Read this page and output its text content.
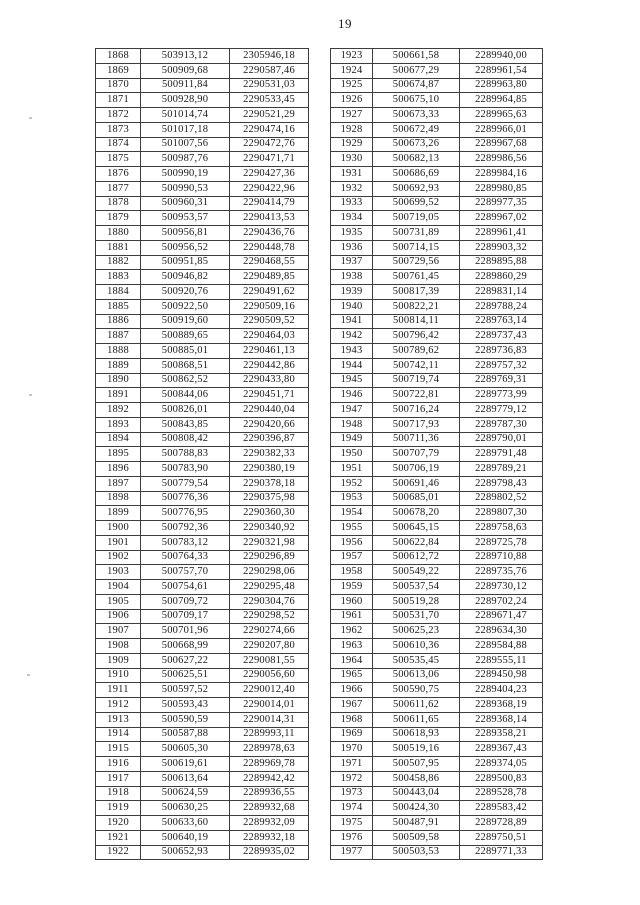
19
1868	503913,12	2305946,18
1869	500909,68	2290587,46
1870	500911,84	2290531,03
1871	500928,90	2290533,45
1872	501014,74	2290521,29
1873	501017,18	2290474,16
1874	501007,56	2290472,76
1875	500987,76	2290471,71
1876	500990,19	2290427,36
1877	500990,53	2290422,96
1878	500960,31	2290414,79
1879	500953,57	2290413,53
1880	500956,81	2290436,76
1881	500956,52	2290448,78
1882	500951,85	2290468,55
1883	500946,82	2290489,85
1884	500920,76	2290491,62
1885	500922,50	2290509,16
1886	500919,60	2290509,52
1887	500889,65	2290464,03
1888	500885,01	2290461,13
1889	500868,51	2290442,86
1890	500862,52	2290433,80
1891	500844,06	2290451,71
1892	500826,01	2290440,04
1893	500843,85	2290420,66
1894	500808,42	2290396,87
1895	500788,83	2290382,33
1896	500783,90	2290380,19
1897	500779,54	2290378,18
1898	500776,36	2290375,98
1899	500776,95	2290360,30
1900	500792,36	2290340,92
1901	500783,12	2290321,98
1902	500764,33	2290296,89
1903	500757,70	2290298,06
1904	500754,61	2290295,48
1905	500709,72	2290304,76
1906	500709,17	2290298,52
1907	500701,96	2290274,66
1908	500668,99	2290207,80
1909	500627,22	2290081,55
1910	500625,51	2290056,60
1911	500597,52	2290012,40
1912	500593,43	2290014,01
1913	500590,59	2290014,31
1914	500587,88	2289993,11
1915	500605,30	2289978,63
1916	500619,61	2289969,78
1917	500613,64	2289942,42
1918	500624,59	2289936,55
1919	500630,25	2289932,68
1920	500633,60	2289932,09
1921	500640,19	2289932,18
1922	500652,93	2289935,02
1923	500661,58	2289940,00
1924	500677,29	2289961,54
1925	500674,87	2289963,80
1926	500675,10	2289964,85
1927	500673,33	2289965,63
1928	500672,49	2289966,01
1929	500673,26	2289967,68
1930	500682,13	2289986,56
1931	500686,69	2289984,16
1932	500692,93	2289980,85
1933	500699,52	2289977,35
1934	500719,05	2289967,02
1935	500731,89	2289961,41
1936	500714,15	2289903,32
1937	500729,56	2289895,88
1938	500761,45	2289860,29
1939	500817,39	2289831,14
1940	500822,21	2289788,24
1941	500814,11	2289763,14
1942	500796,42	2289737,43
1943	500789,62	2289736,83
1944	500742,11	2289757,32
1945	500719,74	2289769,31
1946	500722,81	2289773,99
1947	500716,24	2289779,12
1948	500717,93	2289787,30
1949	500711,36	2289790,01
1950	500707,79	2289791,48
1951	500706,19	2289789,21
1952	500691,46	2289798,43
1953	500685,01	2289802,52
1954	500678,20	2289807,30
1955	500645,15	2289758,63
1956	500622,84	2289725,78
1957	500612,72	2289710,88
1958	500549,22	2289735,76
1959	500537,54	2289730,12
1960	500519,28	2289702,24
1961	500531,70	2289671,47
1962	500625,23	2289634,30
1963	500610,36	2289584,88
1964	500535,45	2289555,11
1965	500613,06	2289450,98
1966	500590,75	2289404,23
1967	500611,62	2289368,19
1968	500611,65	2289368,14
1969	500618,93	2289358,21
1970	500519,16	2289367,43
1971	500507,95	2289374,05
1972	500458,86	2289500,83
1973	500443,04	2289528,78
1974	500424,30	2289583,42
1975	500487,91	2289728,89
1976	500509,58	2289750,51
1977	500503,53	2289771,33
